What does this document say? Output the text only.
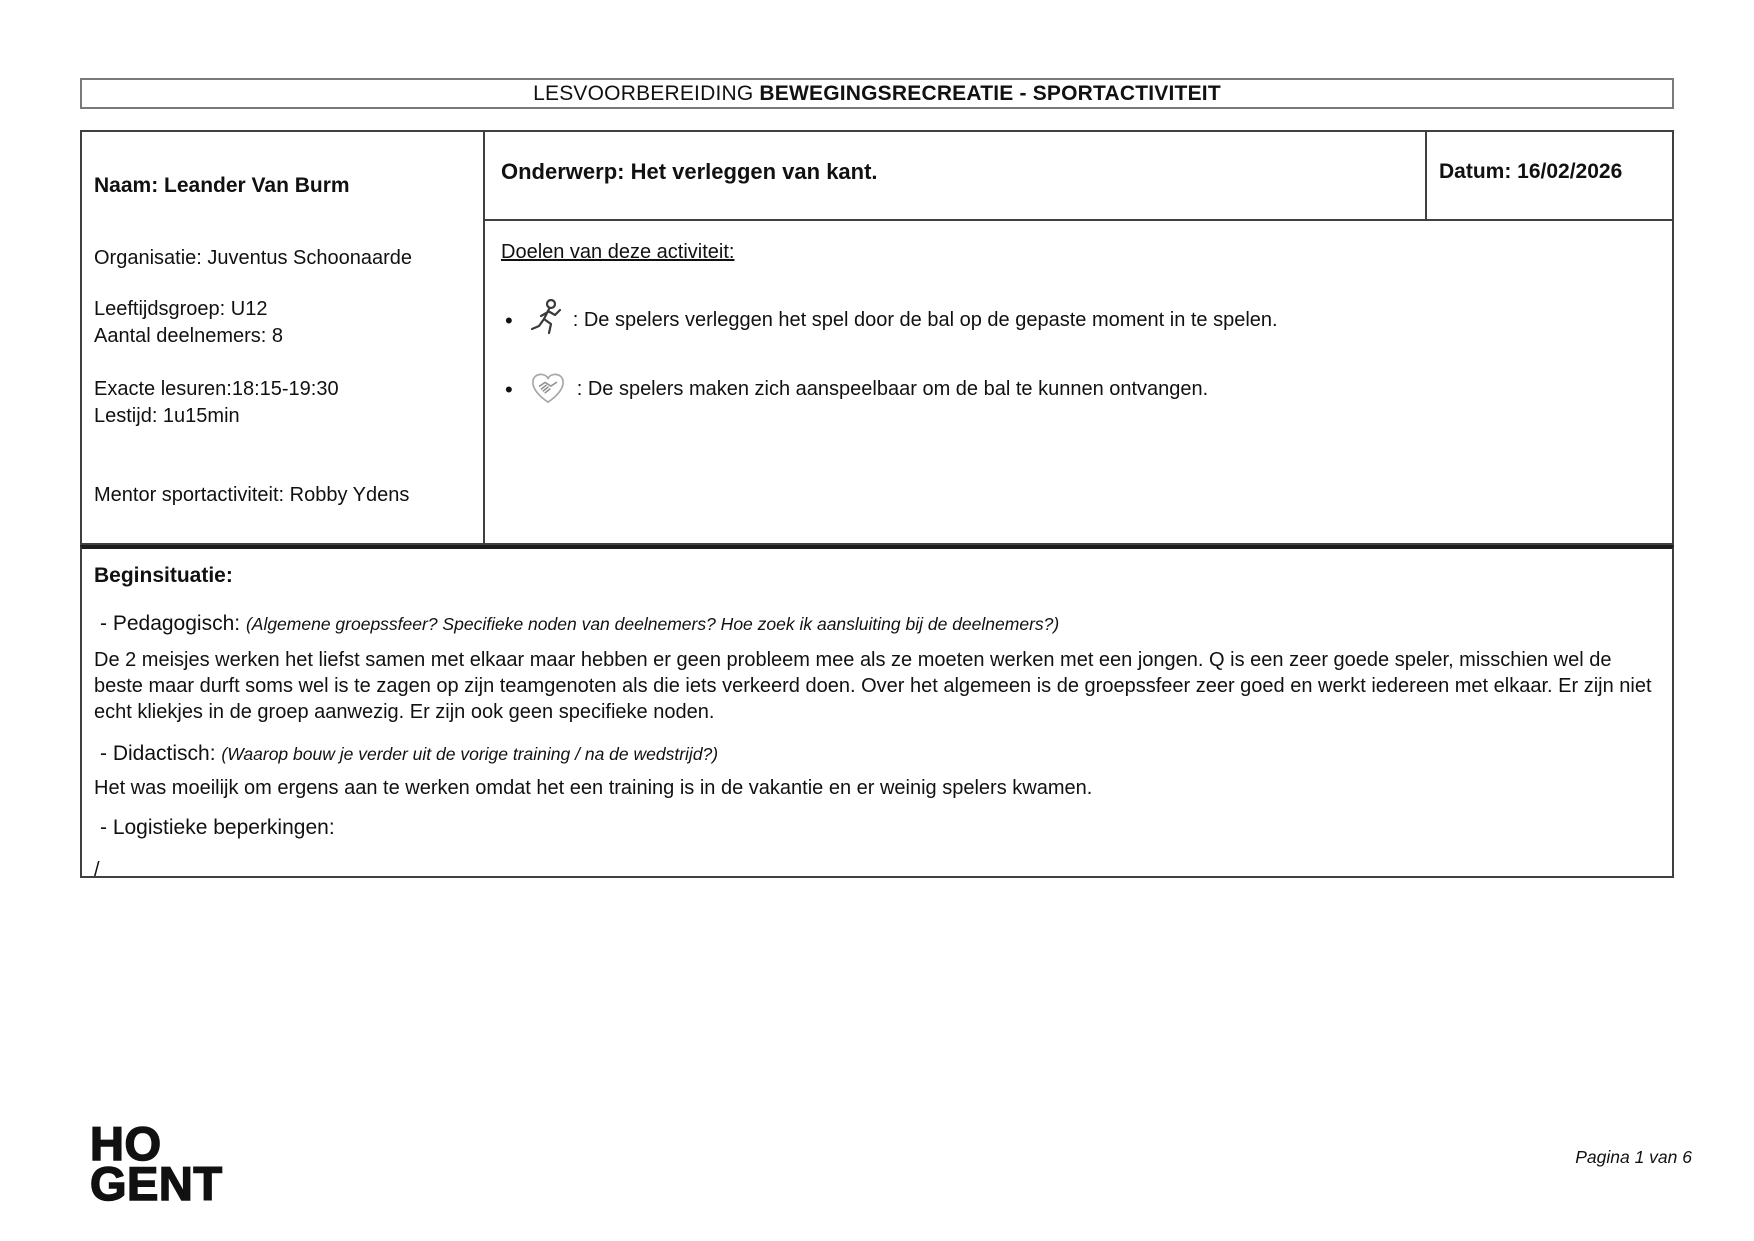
LESVOORBEREIDING BEWEGINGSRECREATIE - SPORTACTIVITEIT

Naam: Leander Van Burm

Organisatie: Juventus Schoonaarde

Leeftijdsgroep: U12

Aantal deelnemers: 8

Exacte lesuren:18:15-19:30

Lestijd: 1u15min

Mentor sportactiviteit: Robby Ydens

Onderwerp: Het verleggen van kant.	Datum: 16/02/2026
Doelen van deze activiteit:
•	: De spelers verleggen het spel door de bal op de gepaste moment in te spelen.
•	: De spelers maken zich aanspeelbaar om de bal te kunnen ontvangen.
Beginsituatie:
- Pedagogisch: (Algemene groepssfeer? Specifieke noden van deelnemers? Hoe zoek ik aansluiting bij de deelnemers?)

De 2 meisjes werken het liefst samen met elkaar maar hebben er geen probleem mee als ze moeten werken met een jongen. Q is een zeer goede speler, misschien wel de beste maar durft soms wel is te zagen op zijn teamgenoten als die iets verkeerd doen. Over het algemeen is de groepssfeer zeer goed en werkt iedereen met elkaar. Er zijn niet echt kliekjes in de groep aanwezig. Er zijn ook geen specifieke noden.

- Didactisch: (Waarop bouw je verder uit de vorige training / na de wedstrijd?)

Het was moeilijk om ergens aan te werken omdat het een training is in de vakantie en er weinig spelers kwamen.

- Logistieke beperkingen:

/

HO
GENT	Pagina 1 van 6
